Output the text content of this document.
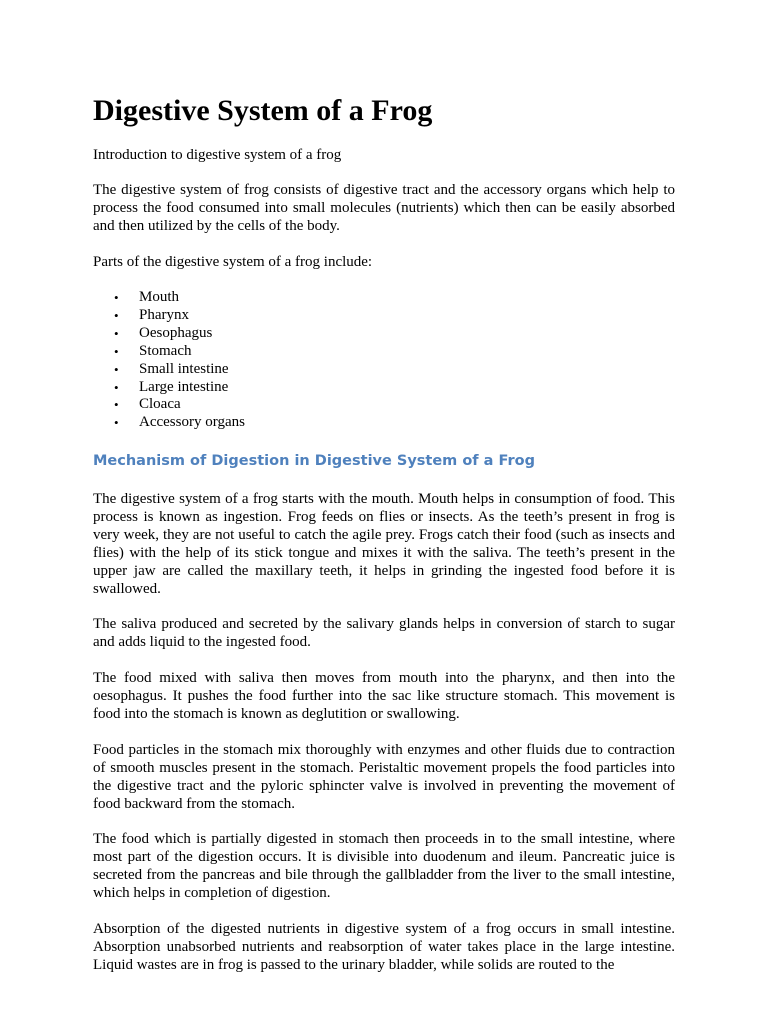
Digestive System of a Frog

Introduction to digestive system of a frog

The digestive system of frog consists of digestive tract and the accessory organs which help to process the food consumed into small molecules (nutrients) which then can be easily absorbed and then utilized by the cells of the body.

Parts of the digestive system of a frog include:

• Mouth
• Pharynx
• Oesophagus
• Stomach
• Small intestine
• Large intestine
• Cloaca
• Accessory organs
Mechanism of Digestion in Digestive System of a Frog

The digestive system of a frog starts with the mouth. Mouth helps in consumption of food. This process is known as ingestion. Frog feeds on flies or insects. As the teeth’s present in frog is very week, they are not useful to catch the agile prey. Frogs catch their food (such as insects and flies) with the help of its stick tongue and mixes it with the saliva. The teeth’s present in the upper jaw are called the maxillary teeth, it helps in grinding the ingested food before it is swallowed.

The saliva produced and secreted by the salivary glands helps in conversion of starch to sugar and adds liquid to the ingested food.

The food mixed with saliva then moves from mouth into the pharynx, and then into the oesophagus. It pushes the food further into the sac like structure stomach. This movement is food into the stomach is known as deglutition or swallowing.

Food particles in the stomach mix thoroughly with enzymes and other fluids due to contraction of smooth muscles present in the stomach. Peristaltic movement propels the food particles into the digestive tract and the pyloric sphincter valve is involved in preventing the movement of food backward from the stomach.

The food which is partially digested in stomach then proceeds in to the small intestine, where most part of the digestion occurs. It is divisible into duodenum and ileum. Pancreatic juice is secreted from the pancreas and bile through the gallbladder from the liver to the small intestine, which helps in completion of digestion.

Absorption of the digested nutrients in digestive system of a frog occurs in small intestine. Absorption unabsorbed nutrients and reabsorption of water takes place in the large intestine. Liquid wastes are in frog is passed to the urinary bladder, while solids are routed to the
